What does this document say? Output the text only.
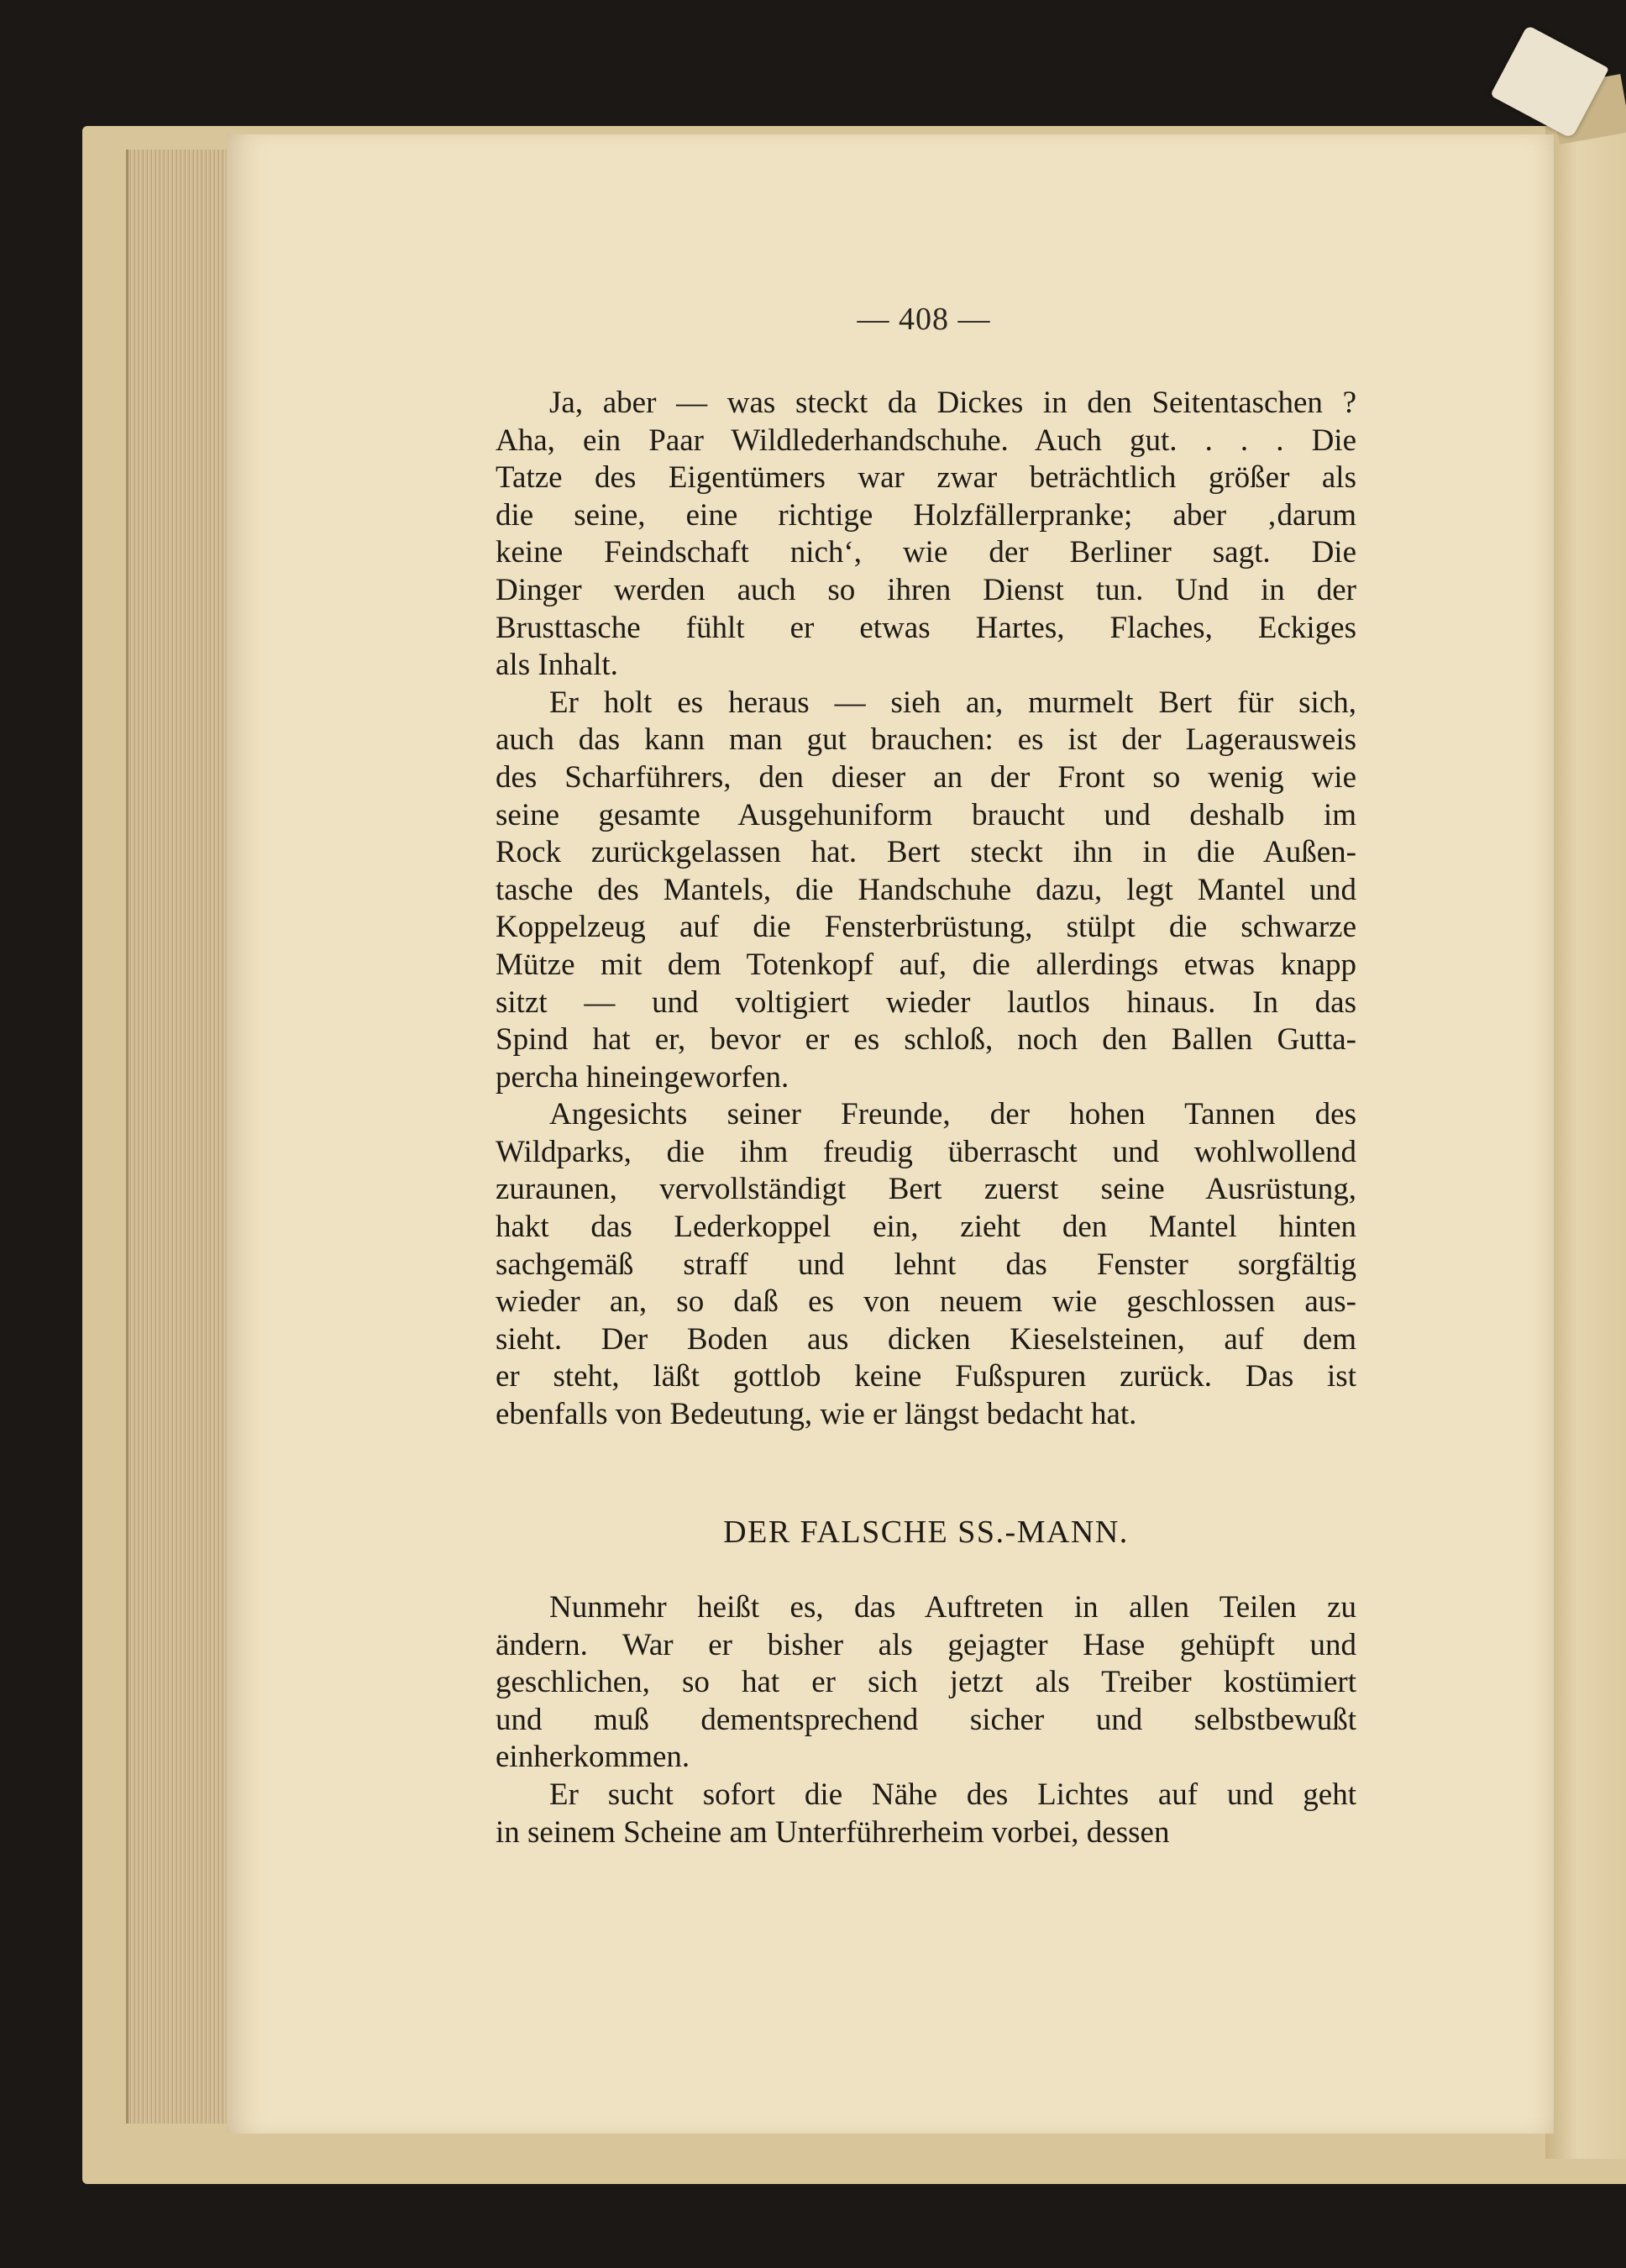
— 408 —
Ja, aber — was steckt da Dickes in den Seitentaschen ?
Aha, ein Paar Wildlederhandschuhe. Auch gut. . . . Die
Tatze des Eigentümers war zwar beträchtlich größer als
die seine, eine richtige Holzfällerpranke; aber ‚darum
keine Feindschaft nich‘, wie der Berliner sagt. Die
Dinger werden auch so ihren Dienst tun. Und in der
Brusttasche fühlt er etwas Hartes, Flaches, Eckiges
als Inhalt.
Er holt es heraus — sieh an, murmelt Bert für sich,
auch das kann man gut brauchen: es ist der Lagerausweis
des Scharführers, den dieser an der Front so wenig wie
seine gesamte Ausgehuniform braucht und deshalb im
Rock zurückgelassen hat. Bert steckt ihn in die Außen-
tasche des Mantels, die Handschuhe dazu, legt Mantel und
Koppelzeug auf die Fensterbrüstung, stülpt die schwarze
Mütze mit dem Totenkopf auf, die allerdings etwas knapp
sitzt — und voltigiert wieder lautlos hinaus. In das
Spind hat er, bevor er es schloß, noch den Ballen Gutta-
percha hineingeworfen.
Angesichts seiner Freunde, der hohen Tannen des
Wildparks, die ihm freudig überrascht und wohlwollend
zuraunen, vervollständigt Bert zuerst seine Ausrüstung,
hakt das Lederkoppel ein, zieht den Mantel hinten
sachgemäß straff und lehnt das Fenster sorgfältig
wieder an, so daß es von neuem wie geschlossen aus-
sieht. Der Boden aus dicken Kieselsteinen, auf dem
er steht, läßt gottlob keine Fußspuren zurück. Das ist
ebenfalls von Bedeutung, wie er längst bedacht hat.
DER FALSCHE SS.-MANN.
Nunmehr heißt es, das Auftreten in allen Teilen zu
ändern. War er bisher als gejagter Hase gehüpft und
geschlichen, so hat er sich jetzt als Treiber kostümiert
und muß dementsprechend sicher und selbstbewußt
einherkommen.
Er sucht sofort die Nähe des Lichtes auf und geht
in seinem Scheine am Unterführerheim vorbei, dessen
